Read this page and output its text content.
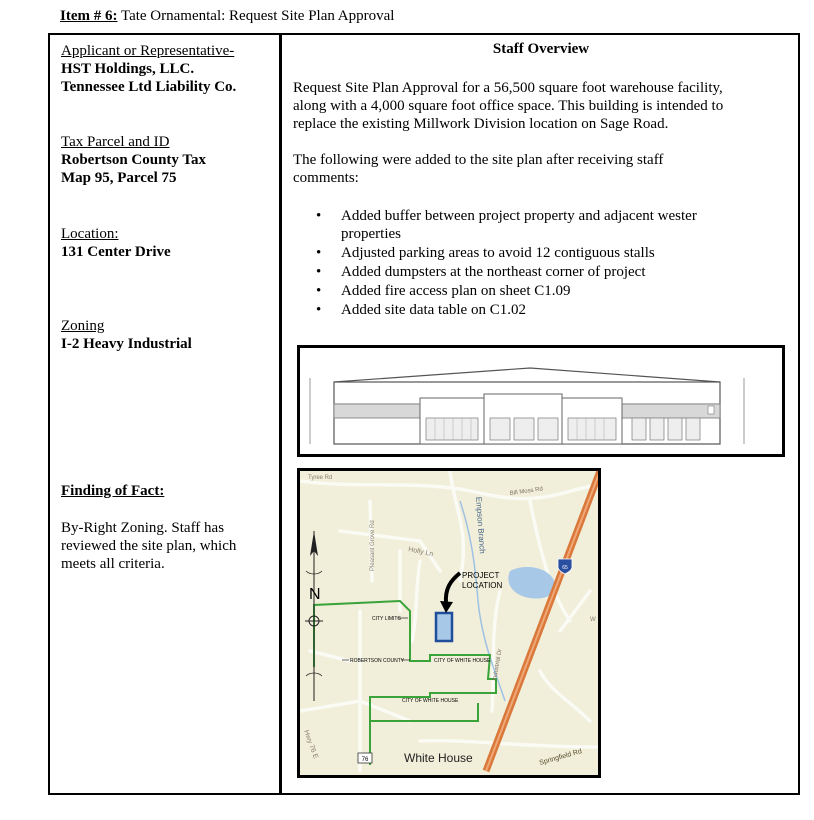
Item # 6: Tate Ornamental: Request Site Plan Approval
Applicant or Representative-
HST Holdings, LLC.
Tennessee Ltd Liability Co.
Tax Parcel and ID
Robertson County Tax
Map 95, Parcel 75
Location:
131 Center Drive
Zoning
I-2 Heavy Industrial
Finding of Fact:
By-Right Zoning. Staff has
reviewed the site plan, which
meets all criteria.
Staff Overview
Request Site Plan Approval for a 56,500 square foot warehouse facility,
along with a 4,000 square foot office space. This building is intended to
replace the existing Millwork Division location on Sage Road.
The following were added to the site plan after receiving staff
comments:
• Added buffer between project property and adjacent wester properties
• Adjusted parking areas to avoid 12 contiguous stalls
• Added dumpsters at the northeast corner of project
• Added fire access plan on sheet C1.09
• Added site data table on C1.02
65
N
76
PROJECT
LOCATION
CITY LIMITS
ROBERTSON COUNTY	CITY OF WHITE HOUSE
CITY OF WHITE HOUSE
White House	Springfield Rd
Bill Moss Rd
Empson Branch
Holly Ln
Industrial Dr
Pleasant Grove Rd
Tyree Rd
Hwy 76 E
W
